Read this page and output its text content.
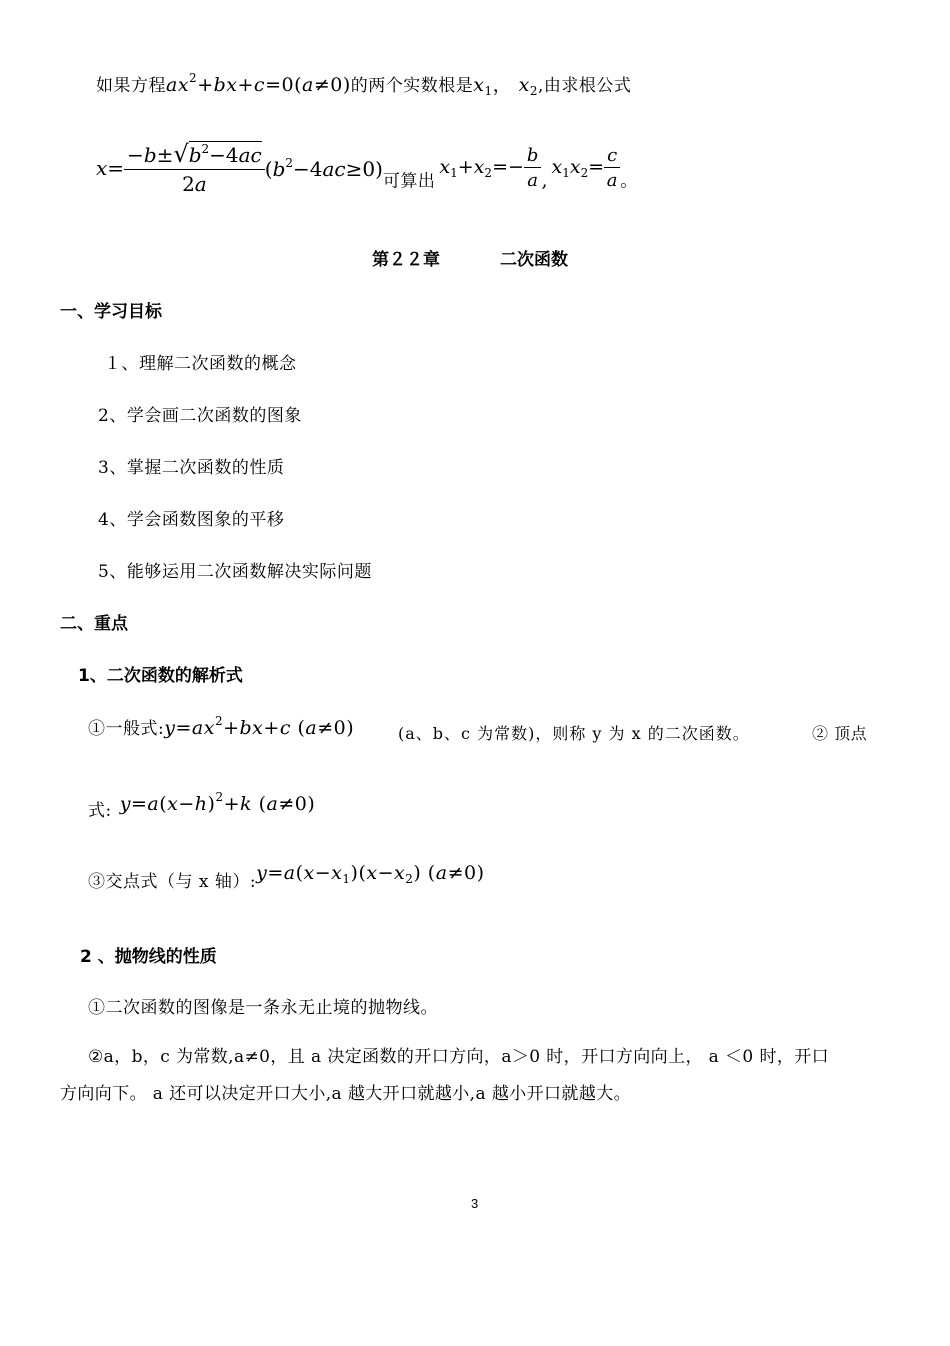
如果方程$ax^2+bx+c=0(a\ne 0)$的两个实数根是$x_1$， $x_2$,由求根公式
$x= \frac{-b\pm√b^2-4ac}{2a} (b^2-4ac\ge 0)$可算出$x_1+x_2=- \frac{b}{a} ,x_1x_2= \frac{c}{a}$ 。
第２２章	二次函数
一、学习目标
１、理解二次函数的概念
2、学会画二次函数的图象
3、掌握二次函数的性质
4、学会函数图象的平移
5、能够运用二次函数解决实际问题
二、重点
1、二次函数的解析式
①一般式$:y=ax^2+bx+c$ (a≠0)	(a、b、c 为常数)，则称 y 为 x 的二次函数。	② 顶点
式: $y=a(x-h)^2+k$ (a≠0)
③交点式（与 x 轴）$:y=a(x-x_1)(x-x_2)$ (a≠0)
2 、抛物线的性质
①二次函数的图像是一条永无止境的抛物线。
②a，b，c 为常数,a≠0，且 a 决定函数的开口方向，a＞0 时，开口方向向上， a ＜0 时，开口
方向向下。 a 还可以决定开口大小,a 越大开口就越小,a 越小开口就越大。
3
